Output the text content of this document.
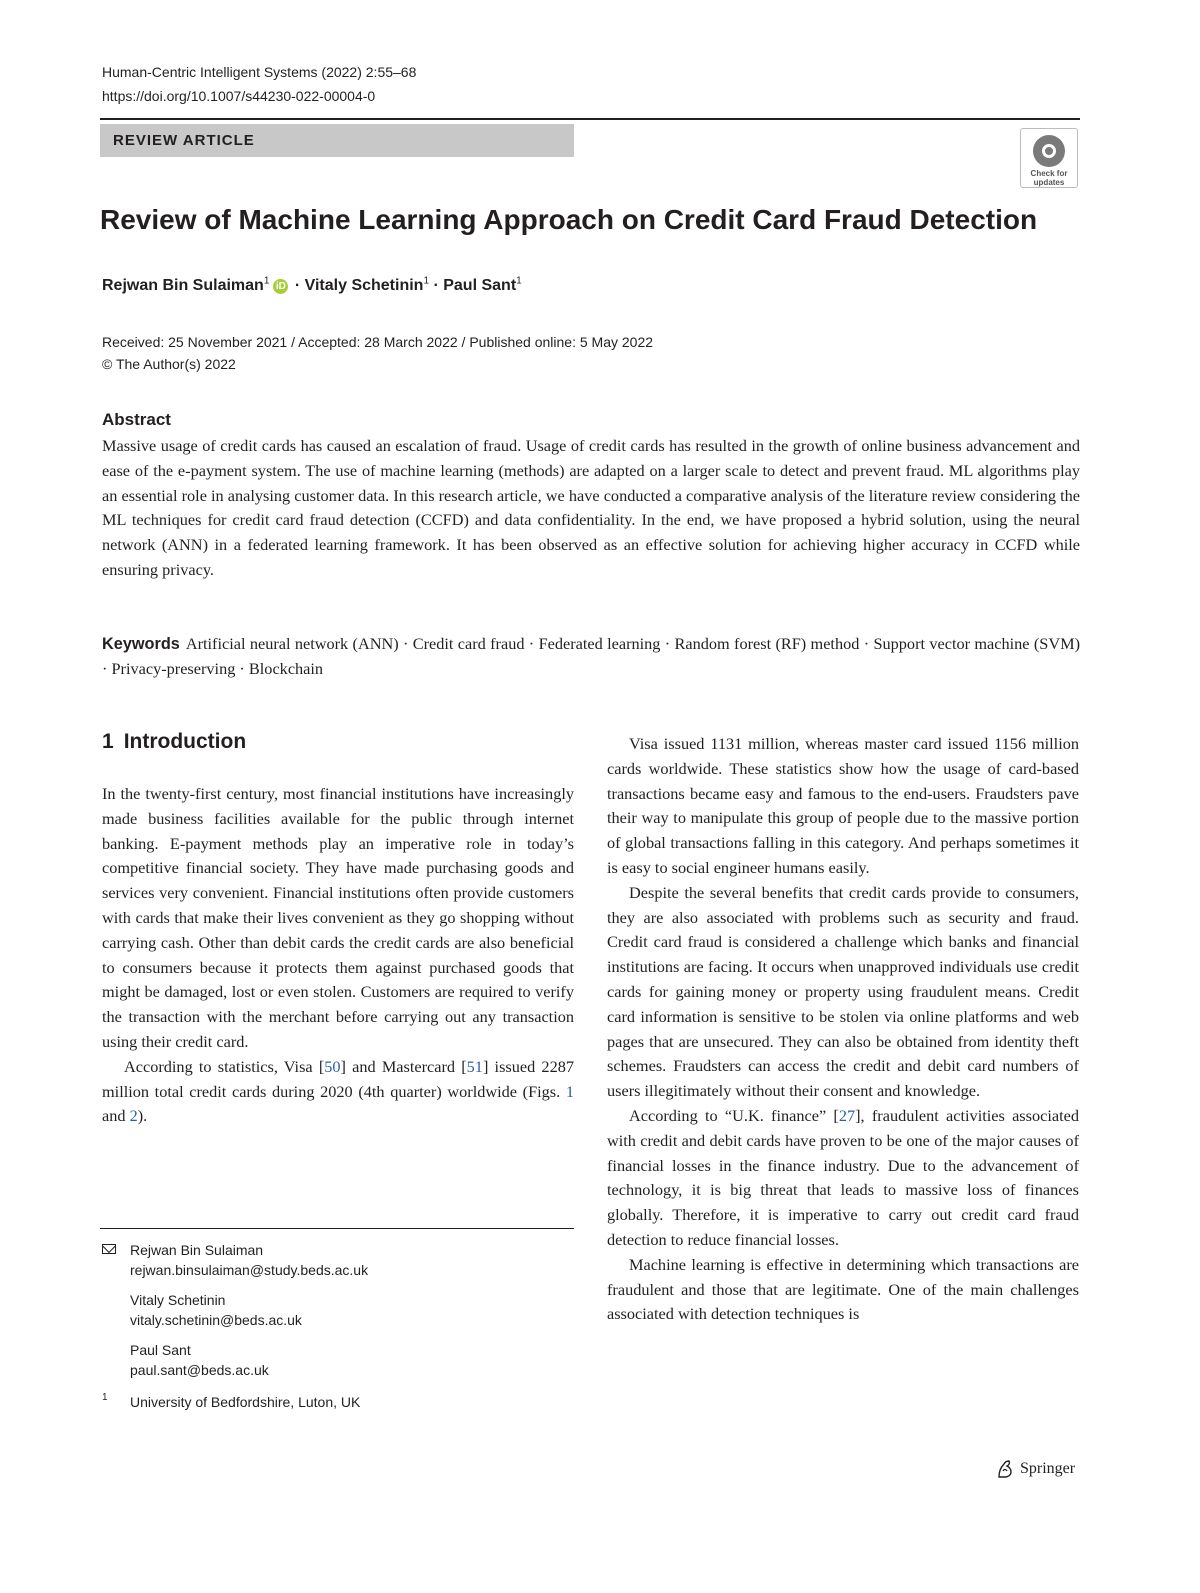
Human-Centric Intelligent Systems (2022) 2:55–68
https://doi.org/10.1007/s44230-022-00004-0
REVIEW ARTICLE
Check for
updates
Review of Machine Learning Approach on Credit Card Fraud Detection
Rejwan Bin Sulaiman$^1$ iD · Vitaly Schetinin$^1$ · Paul Sant$^1$
Received: 25 November 2021 / Accepted: 28 March 2022 / Published online: 5 May 2022
© The Author(s) 2022
Abstract

Massive usage of credit cards has caused an escalation of fraud. Usage of credit cards has resulted in the growth of online business advancement and ease of the e-payment system. The use of machine learning (methods) are adapted on a larger scale to detect and prevent fraud. ML algorithms play an essential role in analysing customer data. In this research article, we have conducted a comparative analysis of the literature review considering the ML techniques for credit card fraud detection (CCFD) and data confidentiality. In the end, we have proposed a hybrid solution, using the neural network (ANN) in a federated learning framework. It has been observed as an effective solution for achieving higher accuracy in CCFD while ensuring privacy.

Keywords Artificial neural network (ANN) · Credit card fraud · Federated learning · Random forest (RF) method · Support vector machine (SVM) · Privacy-preserving · Blockchain

1 Introduction

In the twenty-first century, most financial institutions have increasingly made business facilities available for the public through internet banking. E-payment methods play an imperative role in today’s competitive financial society. They have made purchasing goods and services very convenient. Financial institutions often provide customers with cards that make their lives convenient as they go shopping without carrying cash. Other than debit cards the credit cards are also beneficial to consumers because it protects them against purchased goods that might be damaged, lost or even stolen. Customers are required to verify the transaction with the merchant before carrying out any transaction using their credit card.

According to statistics, Visa [50] and Mastercard [51] issued 2287 million total credit cards during 2020 (4th quarter) worldwide (Figs. 1 and 2).

Visa issued 1131 million, whereas master card issued 1156 million cards worldwide. These statistics show how the usage of card-based transactions became easy and famous to the end-users. Fraudsters pave their way to manipulate this group of people due to the massive portion of global transactions falling in this category. And perhaps sometimes it is easy to social engineer humans easily.

Despite the several benefits that credit cards provide to consumers, they are also associated with problems such as security and fraud. Credit card fraud is considered a challenge which banks and financial institutions are facing. It occurs when unapproved individuals use credit cards for gaining money or property using fraudulent means. Credit card information is sensitive to be stolen via online platforms and web pages that are unsecured. They can also be obtained from identity theft schemes. Fraudsters can access the credit and debit card numbers of users illegitimately without their consent and knowledge.

According to “U.K. finance” [27], fraudulent activities associated with credit and debit cards have proven to be one of the major causes of financial losses in the finance industry. Due to the advancement of technology, it is big threat that leads to massive loss of finances globally. Therefore, it is imperative to carry out credit card fraud detection to reduce financial losses.

Machine learning is effective in determining which transactions are fraudulent and those that are legitimate. One of the main challenges associated with detection techniques is

Rejwan Bin Sulaiman
rejwan.binsulaiman@study.beds.ac.uk
Vitaly Schetinin
vitaly.schetinin@beds.ac.uk
Paul Sant
paul.sant@beds.ac.uk
1	University of Bedfordshire, Luton, UK
Springer
